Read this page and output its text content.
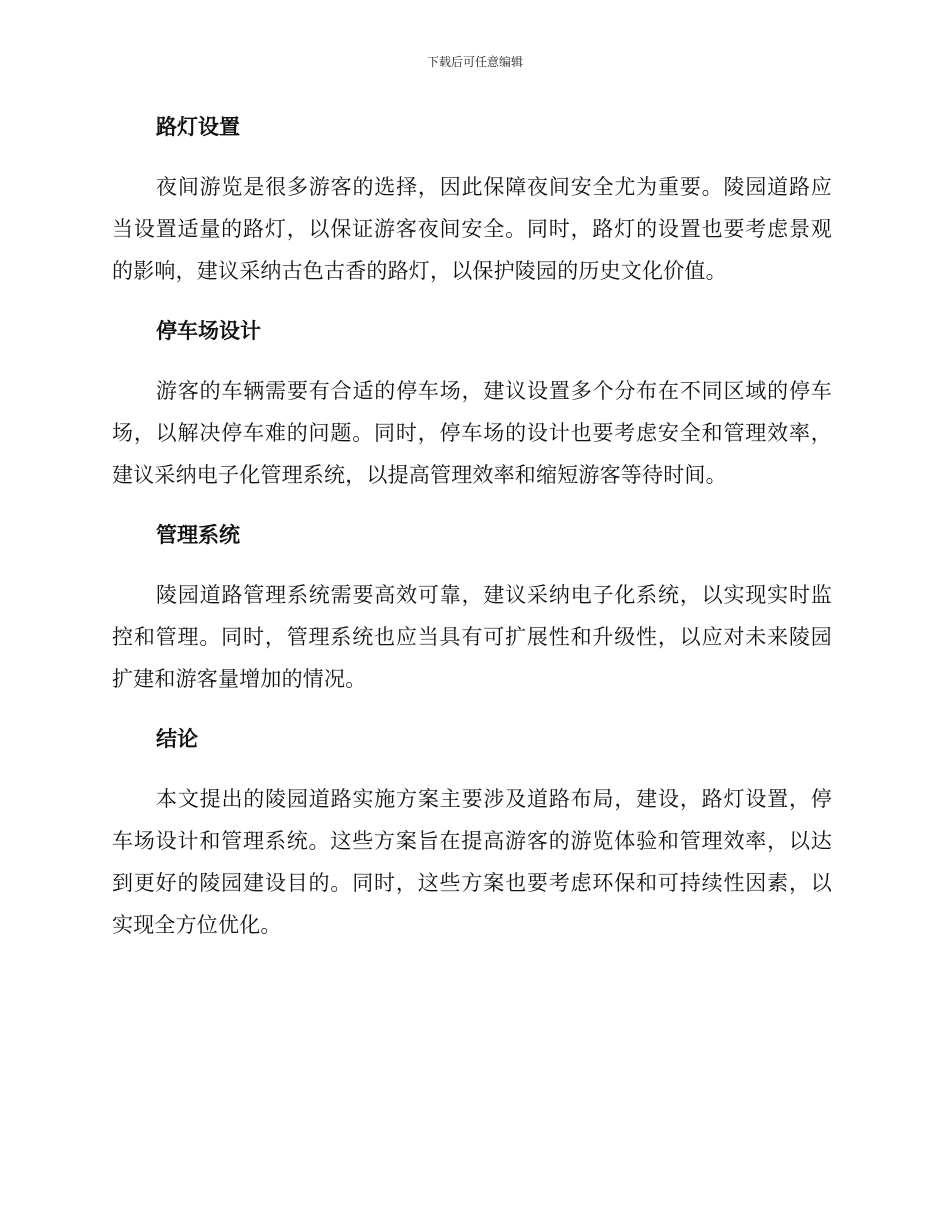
下载后可任意编辑
路灯设置

夜间游览是很多游客的选择，因此保障夜间安全尤为重要。陵园道路应当设置适量的路灯，以保证游客夜间安全。同时，路灯的设置也要考虑景观的影响，建议采纳古色古香的路灯，以保护陵园的历史文化价值。

停车场设计

游客的车辆需要有合适的停车场，建议设置多个分布在不同区域的停车场，以解决停车难的问题。同时，停车场的设计也要考虑安全和管理效率，建议采纳电子化管理系统，以提高管理效率和缩短游客等待时间。

管理系统

陵园道路管理系统需要高效可靠，建议采纳电子化系统，以实现实时监控和管理。同时，管理系统也应当具有可扩展性和升级性，以应对未来陵园扩建和游客量增加的情况。

结论

本文提出的陵园道路实施方案主要涉及道路布局，建设，路灯设置，停车场设计和管理系统。这些方案旨在提高游客的游览体验和管理效率，以达到更好的陵园建设目的。同时，这些方案也要考虑环保和可持续性因素，以实现全方位优化。
